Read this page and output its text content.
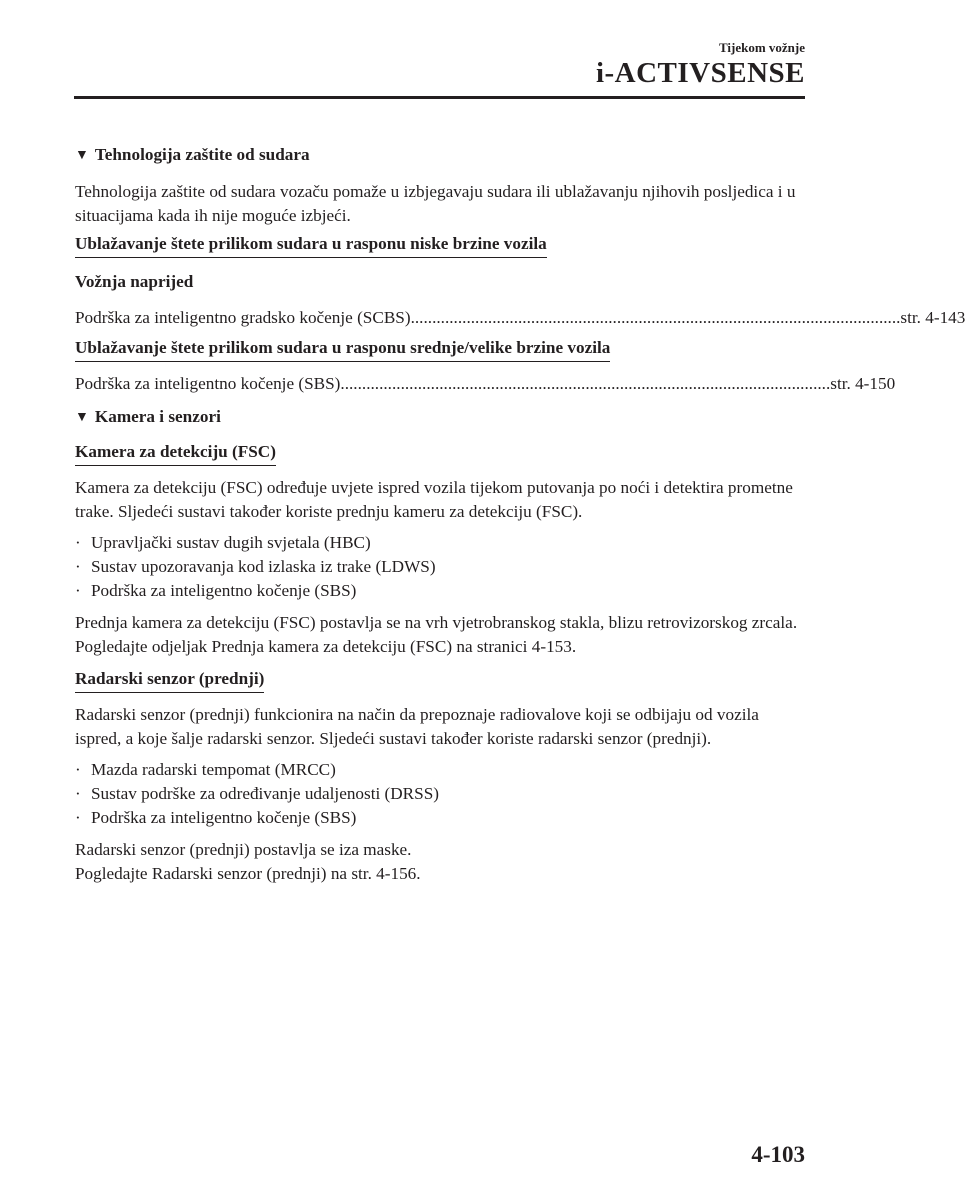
Tijekom vožnje
i-ACTIVSENSE

▼ Tehnologija zaštite od sudara

Tehnologija zaštite od sudara vozaču pomaže u izbjegavaju sudara ili ublažavanju njihovih posljedica i u situacijama kada ih nije moguće izbjeći.

Ublažavanje štete prilikom sudara u rasponu niske brzine vozila

Vožnja naprijed

Podrška za inteligentno gradsko kočenje (SCBS).................................................................................................................. str. 4-143

Ublažavanje štete prilikom sudara u rasponu srednje/velike brzine vozila

Podrška za inteligentno kočenje (SBS).................................................................................................................. str. 4-150

▼ Kamera i senzori

Kamera za detekciju (FSC)

Kamera za detekciju (FSC) određuje uvjete ispred vozila tijekom putovanja po noći i detektira prometne trake. Sljedeći sustavi također koriste prednju kameru za detekciju (FSC).

· Upravljački sustav dugih svjetala (HBC)
· Sustav upozoravanja kod izlaska iz trake (LDWS)
· Podrška za inteligentno kočenje (SBS)

Prednja kamera za detekciju (FSC) postavlja se na vrh vjetrobranskog stakla, blizu retrovizorskog zrcala.

Pogledajte odjeljak Prednja kamera za detekciju (FSC) na stranici 4-153.

Radarski senzor (prednji)

Radarski senzor (prednji) funkcionira na način da prepoznaje radiovalove koji se odbijaju od vozila ispred, a koje šalje radarski senzor. Sljedeći sustavi također koriste radarski senzor (prednji).

· Mazda radarski tempomat (MRCC)
· Sustav podrške za određivanje udaljenosti (DRSS)
· Podrška za inteligentno kočenje (SBS)

Radarski senzor (prednji) postavlja se iza maske.

Pogledajte Radarski senzor (prednji) na str. 4-156.

4-103
